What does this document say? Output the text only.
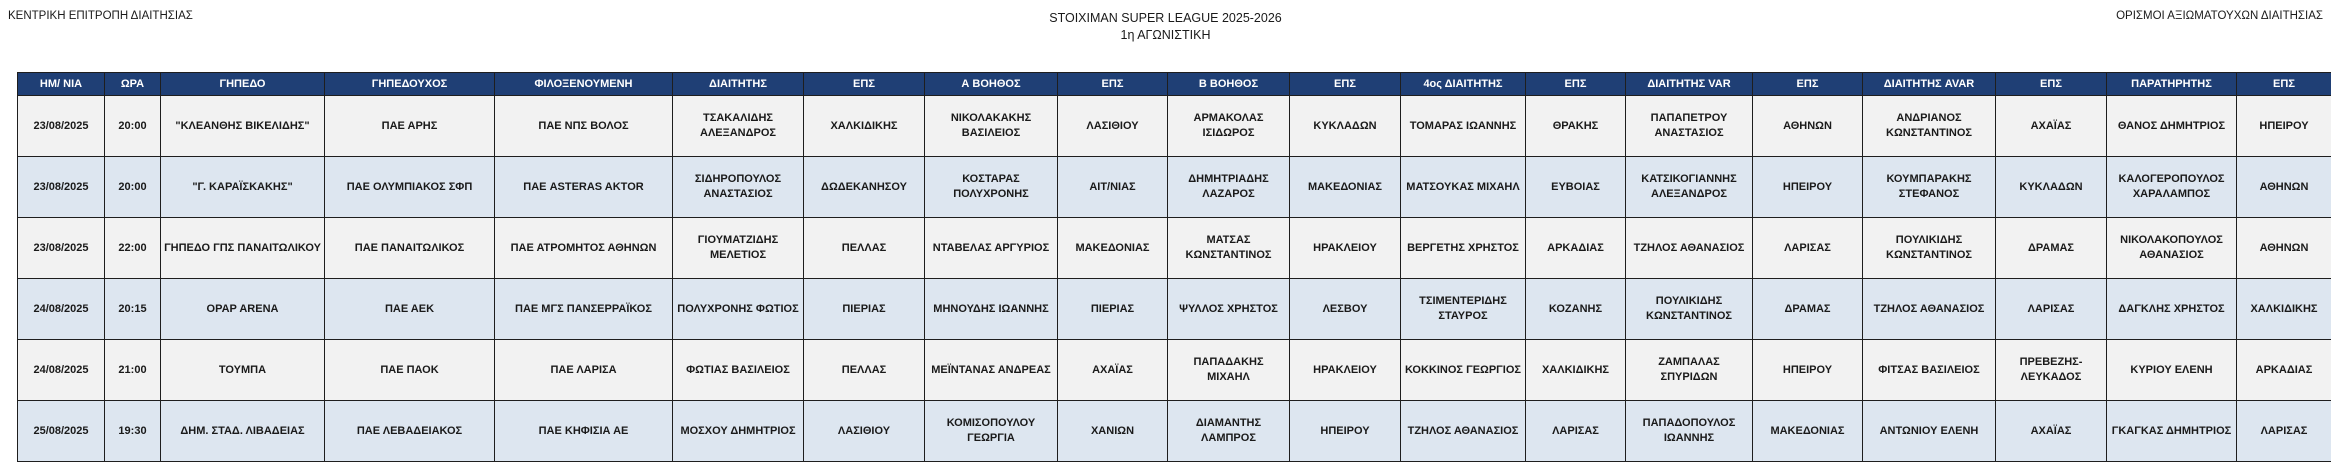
ΚΕΝΤΡΙΚΗ ΕΠΙΤΡΟΠΗ ΔΙΑΙΤΗΣΙΑΣ	STOIXIMAN SUPER LEAGUE 2025-2026
1η ΑΓΩΝΙΣΤΙΚΗ
ΟΡΙΣΜΟΙ ΑΞΙΩΜΑΤΟΥΧΩΝ ΔΙΑΙΤΗΣΙΑΣ
ΗΜ/ ΝΙΑ	ΩΡΑ	ΓΗΠΕΔΟ	ΓΗΠΕΔΟΥΧΟΣ	ΦΙΛΟΞΕΝΟΥΜΕΝΗ	ΔΙΑΙΤΗΤΗΣ	ΕΠΣ	Α ΒΟΗΘΟΣ	ΕΠΣ	Β ΒΟΗΘΟΣ	ΕΠΣ	4ος ΔΙΑΙΤΗΤΗΣ	ΕΠΣ	ΔΙΑΙΤΗΤΗΣ VAR	ΕΠΣ	ΔΙΑΙΤΗΤΗΣ AVAR	ΕΠΣ	ΠΑΡΑΤΗΡΗΤΗΣ	ΕΠΣ
23/08/2025	20:00	"ΚΛΕΑΝΘΗΣ ΒΙΚΕΛΙΔΗΣ"	ΠΑΕ ΑΡΗΣ	ΠΑΕ ΝΠΣ ΒΟΛΟΣ	ΤΣΑΚΑΛΙΔΗΣ ΑΛΕΞΑΝΔΡΟΣ	ΧΑΛΚΙΔΙΚΗΣ	ΝΙΚΟΛΑΚΑΚΗΣ ΒΑΣΙΛΕΙΟΣ	ΛΑΣΙΘΙΟΥ	ΑΡΜΑΚΟΛΑΣ ΙΣΙΔΩΡΟΣ	ΚΥΚΛΑΔΩΝ	ΤΟΜΑΡΑΣ ΙΩΑΝΝΗΣ	ΘΡΑΚΗΣ	ΠΑΠΑΠΕΤΡΟΥ ΑΝΑΣΤΑΣΙΟΣ	ΑΘΗΝΩΝ	ΑΝΔΡΙΑΝΟΣ ΚΩΝΣΤΑΝΤΙΝΟΣ	ΑΧΑΪΑΣ	ΘΑΝΟΣ ΔΗΜΗΤΡΙΟΣ	ΗΠΕΙΡΟΥ
23/08/2025	20:00	"Γ. ΚΑΡΑΪΣΚΑΚΗΣ"	ΠΑΕ ΟΛΥΜΠΙΑΚΟΣ ΣΦΠ	ΠΑΕ ASTERAS AKTOR	ΣΙΔΗΡΟΠΟΥΛΟΣ ΑΝΑΣΤΑΣΙΟΣ	ΔΩΔΕΚΑΝΗΣΟΥ	ΚΟΣΤΑΡΑΣ ΠΟΛΥΧΡΟΝΗΣ	ΑΙΤ/ΝΙΑΣ	ΔΗΜΗΤΡΙΑΔΗΣ ΛΑΖΑΡΟΣ	ΜΑΚΕΔΟΝΙΑΣ	ΜΑΤΣΟΥΚΑΣ ΜΙΧΑΗΛ	ΕΥΒΟΙΑΣ	ΚΑΤΣΙΚΟΓΙΑΝΝΗΣ ΑΛΕΞΑΝΔΡΟΣ	ΗΠΕΙΡΟΥ	ΚΟΥΜΠΑΡΑΚΗΣ ΣΤΕΦΑΝΟΣ	ΚΥΚΛΑΔΩΝ	ΚΑΛΟΓΕΡΟΠΟΥΛΟΣ ΧΑΡΑΛΑΜΠΟΣ	ΑΘΗΝΩΝ
23/08/2025	22:00	ΓΗΠΕΔΟ ΓΠΣ ΠΑΝΑΙΤΩΛΙΚΟΥ	ΠΑΕ ΠΑΝΑΙΤΩΛΙΚΟΣ	ΠΑΕ ΑΤΡΟΜΗΤΟΣ ΑΘΗΝΩΝ	ΓΙΟΥΜΑΤΖΙΔΗΣ ΜΕΛΕΤΙΟΣ	ΠΕΛΛΑΣ	ΝΤΑΒΕΛΑΣ ΑΡΓΥΡΙΟΣ	ΜΑΚΕΔΟΝΙΑΣ	ΜΑΤΣΑΣ ΚΩΝΣΤΑΝΤΙΝΟΣ	ΗΡΑΚΛΕΙΟΥ	ΒΕΡΓΕΤΗΣ ΧΡΗΣΤΟΣ	ΑΡΚΑΔΙΑΣ	ΤΖΗΛΟΣ ΑΘΑΝΑΣΙΟΣ	ΛΑΡΙΣΑΣ	ΠΟΥΛΙΚΙΔΗΣ ΚΩΝΣΤΑΝΤΙΝΟΣ	ΔΡΑΜΑΣ	ΝΙΚΟΛΑΚΟΠΟΥΛΟΣ ΑΘΑΝΑΣΙΟΣ	ΑΘΗΝΩΝ
24/08/2025	20:15	OPAP ARENA	ΠΑΕ ΑΕΚ	ΠΑΕ ΜΓΣ ΠΑΝΣΕΡΡΑΪΚΟΣ	ΠΟΛΥΧΡΟΝΗΣ ΦΩΤΙΟΣ	ΠΙΕΡΙΑΣ	ΜΗΝΟΥΔΗΣ ΙΩΑΝΝΗΣ	ΠΙΕΡΙΑΣ	ΨΥΛΛΟΣ ΧΡΗΣΤΟΣ	ΛΕΣΒΟΥ	ΤΣΙΜΕΝΤΕΡΙΔΗΣ ΣΤΑΥΡΟΣ	ΚΟΖΑΝΗΣ	ΠΟΥΛΙΚΙΔΗΣ ΚΩΝΣΤΑΝΤΙΝΟΣ	ΔΡΑΜΑΣ	ΤΖΗΛΟΣ ΑΘΑΝΑΣΙΟΣ	ΛΑΡΙΣΑΣ	ΔΑΓΚΛΗΣ ΧΡΗΣΤΟΣ	ΧΑΛΚΙΔΙΚΗΣ
24/08/2025	21:00	ΤΟΥΜΠΑ	ΠΑΕ ΠΑΟΚ	ΠΑΕ ΛΑΡΙΣΑ	ΦΩΤΙΑΣ ΒΑΣΙΛΕΙΟΣ	ΠΕΛΛΑΣ	ΜΕΪΝΤΑΝΑΣ ΑΝΔΡΕΑΣ	ΑΧΑΪΑΣ	ΠΑΠΑΔΑΚΗΣ ΜΙΧΑΗΛ	ΗΡΑΚΛΕΙΟΥ	ΚΟΚΚΙΝΟΣ ΓΕΩΡΓΙΟΣ	ΧΑΛΚΙΔΙΚΗΣ	ΖΑΜΠΑΛΑΣ ΣΠΥΡΙΔΩΝ	ΗΠΕΙΡΟΥ	ΦΙΤΣΑΣ ΒΑΣΙΛΕΙΟΣ	ΠΡΕΒΕΖΗΣ- ΛΕΥΚΑΔΟΣ	ΚΥΡΙΟΥ ΕΛΕΝΗ	ΑΡΚΑΔΙΑΣ
25/08/2025	19:30	ΔΗΜ. ΣΤΑΔ. ΛΙΒΑΔΕΙΑΣ	ΠΑΕ ΛΕΒΑΔΕΙΑΚΟΣ	ΠΑΕ ΚΗΦΙΣΙΑ ΑΕ	ΜΟΣΧΟΥ ΔΗΜΗΤΡΙΟΣ	ΛΑΣΙΘΙΟΥ	ΚΟΜΙΣΟΠΟΥΛΟΥ ΓΕΩΡΓΙΑ	ΧΑΝΙΩΝ	ΔΙΑΜΑΝΤΗΣ ΛΑΜΠΡΟΣ	ΗΠΕΙΡΟΥ	ΤΖΗΛΟΣ ΑΘΑΝΑΣΙΟΣ	ΛΑΡΙΣΑΣ	ΠΑΠΑΔΟΠΟΥΛΟΣ ΙΩΑΝΝΗΣ	ΜΑΚΕΔΟΝΙΑΣ	ΑΝΤΩΝΙΟΥ ΕΛΕΝΗ	ΑΧΑΪΑΣ	ΓΚΑΓΚΑΣ ΔΗΜΗΤΡΙΟΣ	ΛΑΡΙΣΑΣ
